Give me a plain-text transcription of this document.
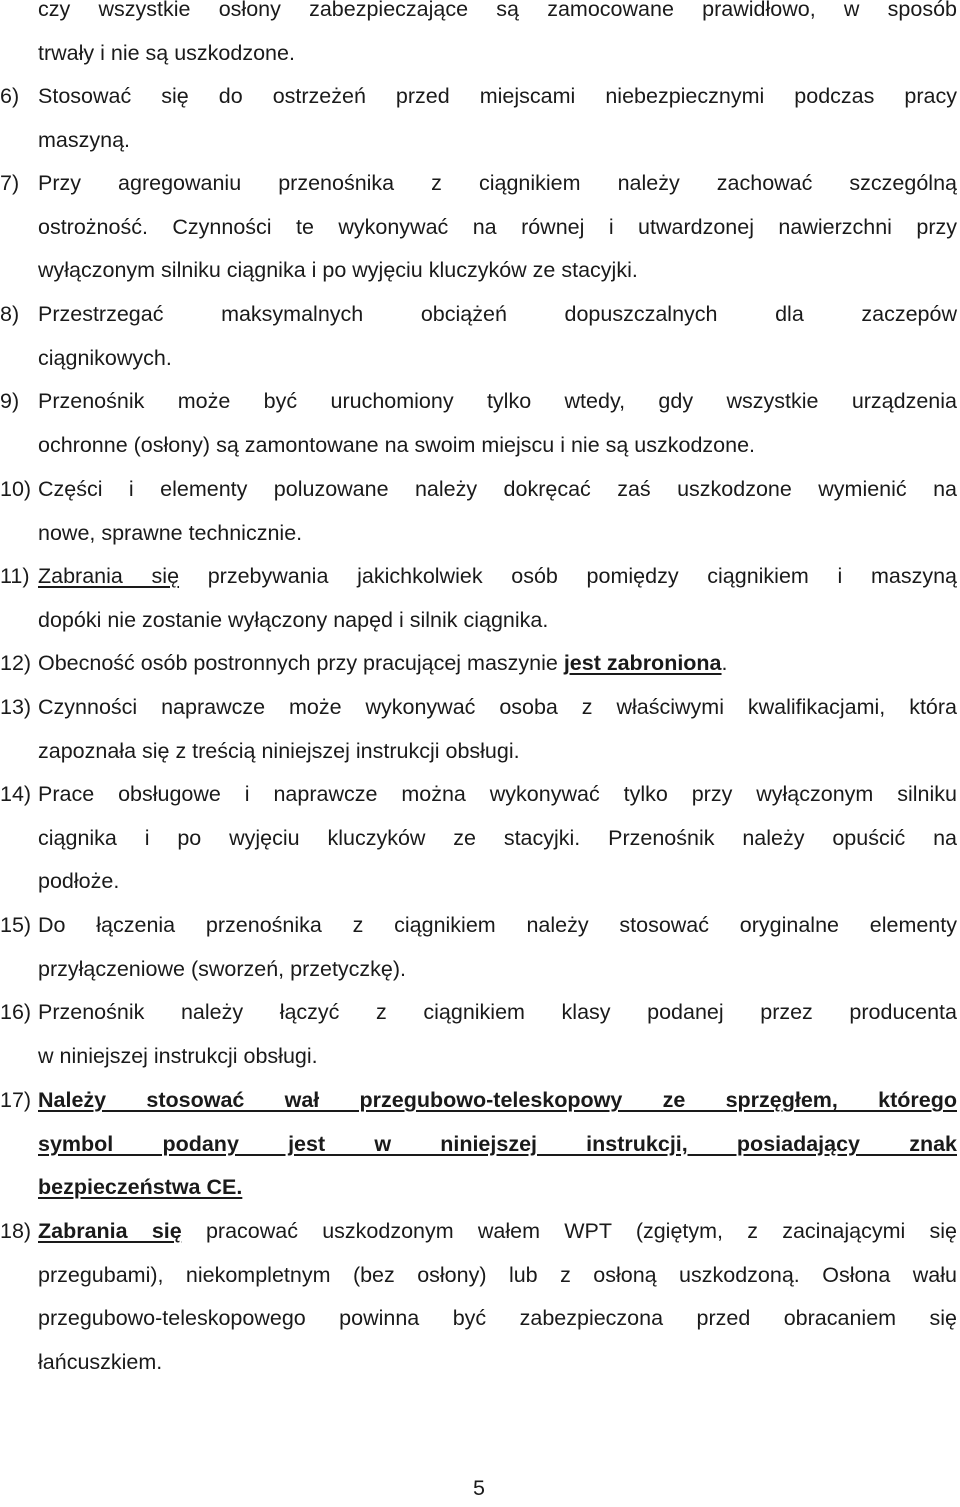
czy wszystkie osłony zabezpieczające są zamocowane prawidłowo, w sposób
trwały i nie są uszkodzone.
6) Stosować się do ostrzeżeń przed miejscami niebezpiecznymi podczas pracy
maszyną.
7) Przy agregowaniu przenośnika z ciągnikiem należy zachować szczególną
ostrożność. Czynności te wykonywać na równej i utwardzonej nawierzchni przy
wyłączonym silniku ciągnika i po wyjęciu kluczyków ze stacyjki.
8) Przestrzegać maksymalnych obciążeń dopuszczalnych dla zaczepów
ciągnikowych.
9) Przenośnik może być uruchomiony tylko wtedy, gdy wszystkie urządzenia
ochronne (osłony) są zamontowane na swoim miejscu i nie są uszkodzone.
10) Części i elementy poluzowane należy dokręcać zaś uszkodzone wymienić na
nowe, sprawne technicznie.
11) Zabrania się przebywania jakichkolwiek osób pomiędzy ciągnikiem i maszyną
dopóki nie zostanie wyłączony napęd i silnik ciągnika.
12) Obecność osób postronnych przy pracującej maszynie jest zabroniona.
13) Czynności naprawcze może wykonywać osoba z właściwymi kwalifikacjami, która
zapoznała się z treścią niniejszej instrukcji obsługi.
14) Prace obsługowe i naprawcze można wykonywać tylko przy wyłączonym silniku
ciągnika i po wyjęciu kluczyków ze stacyjki. Przenośnik należy opuścić na
podłoże.
15) Do łączenia przenośnika z ciągnikiem należy stosować oryginalne elementy
przyłączeniowe (sworzeń, przetyczkę).
16) Przenośnik należy łączyć z ciągnikiem klasy podanej przez producenta
w niniejszej instrukcji obsługi.
17) Należy stosować wał przegubowo-teleskopowy ze sprzęgłem, którego
symbol podany jest w niniejszej instrukcji, posiadający znak
bezpieczeństwa CE.
18) Zabrania się pracować uszkodzonym wałem WPT (zgiętym, z zacinającymi się
przegubami), niekompletnym (bez osłony) lub z osłoną uszkodzoną. Osłona wału
przegubowo-teleskopowego powinna być zabezpieczona przed obracaniem się
łańcuszkiem.
5
